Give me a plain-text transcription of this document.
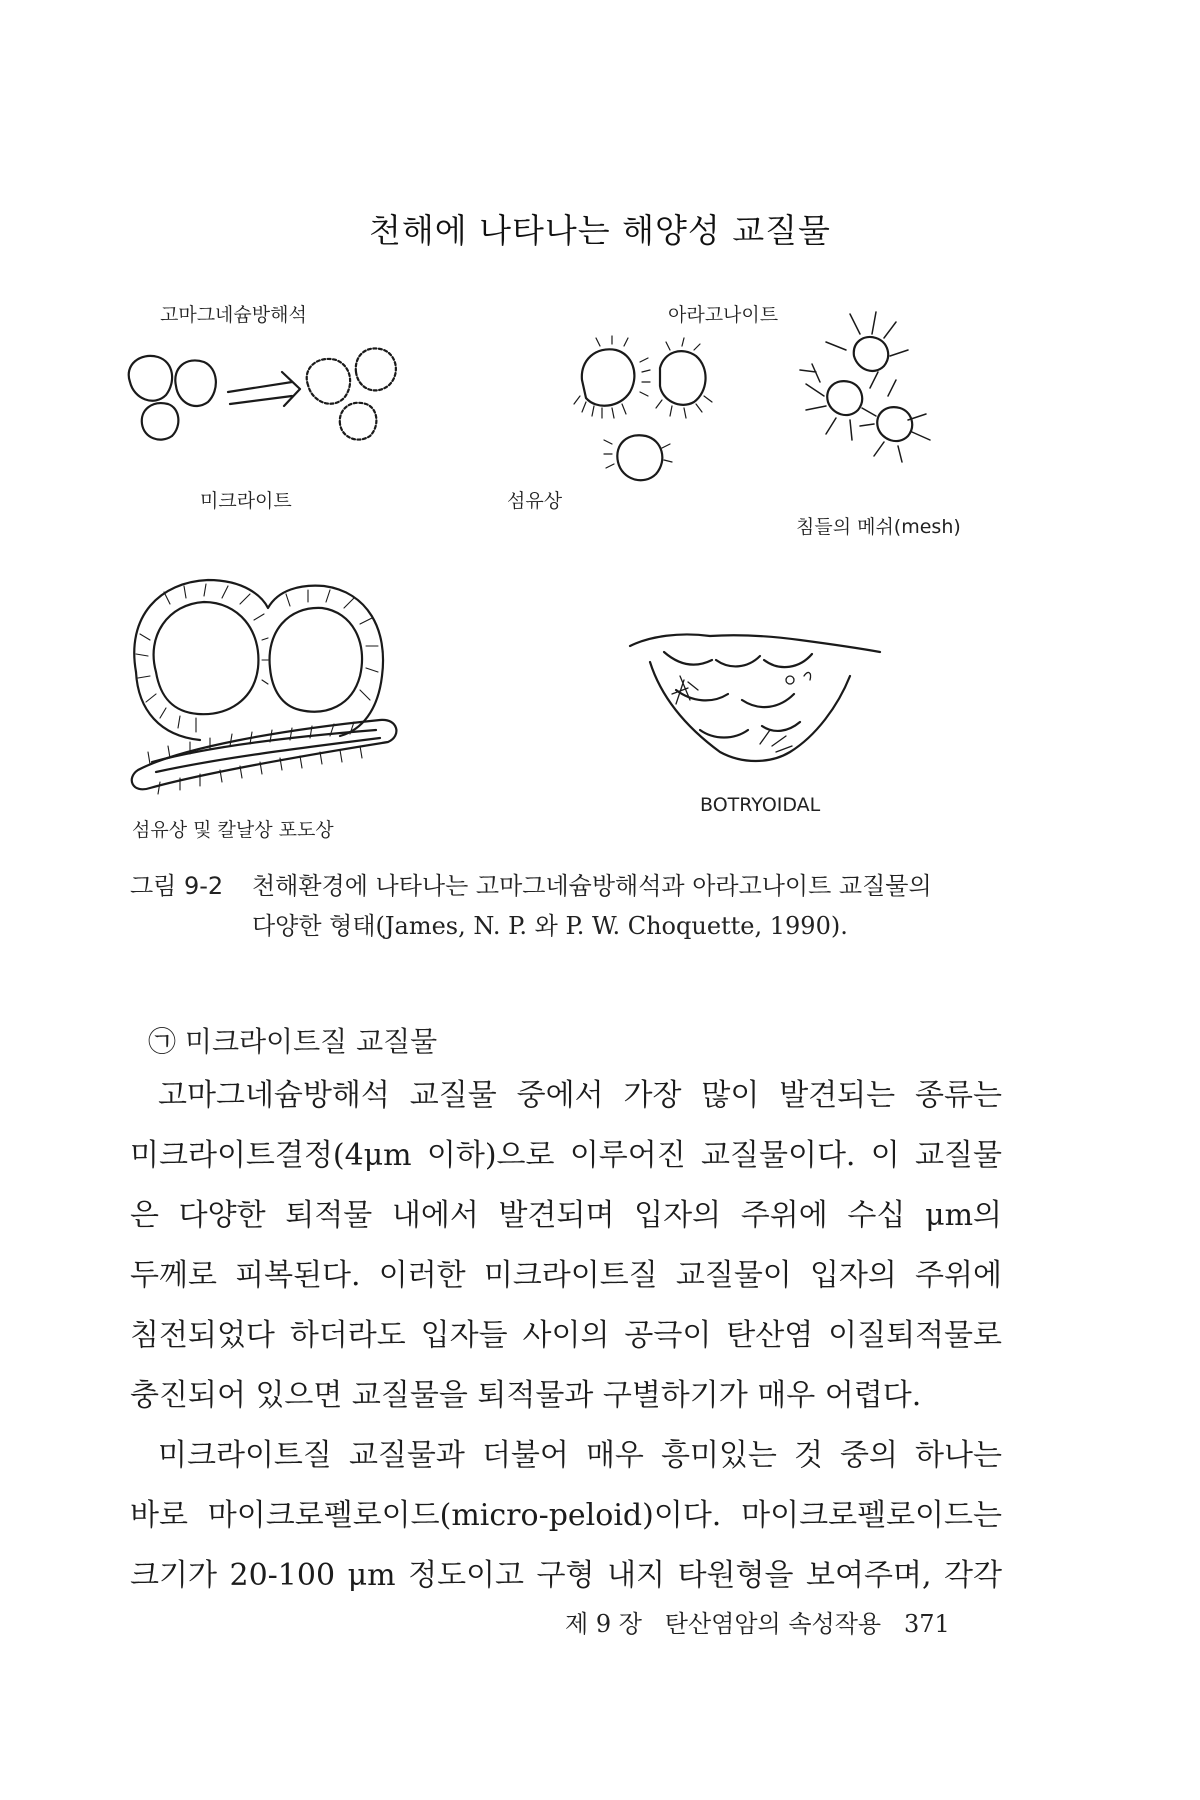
천해에 나타나는 해양성 교질물
고마그네슘방해석	아라고나이트
미크라이트	섬유상
침들의 메쉬(mesh)
섬유상 및 칼날상 포도상
BOTRYOIDAL
그림 9-2 천해환경에 나타나는 고마그네슘방해석과 아라고나이트 교질물의
다양한 형태(James, N. P. 와 P. W. Choquette, 1990).
㉠ 미크라이트질 교질물
고마그네슘방해석 교질물 중에서 가장 많이 발견되는 종류는
미크라이트결정(4μm 이하)으로 이루어진 교질물이다. 이 교질물
은 다양한 퇴적물 내에서 발견되며 입자의 주위에 수십 μm의
두께로 피복된다. 이러한 미크라이트질 교질물이 입자의 주위에
침전되었다 하더라도 입자들 사이의 공극이 탄산염 이질퇴적물로
충진되어 있으면 교질물을 퇴적물과 구별하기가 매우 어렵다.
미크라이트질 교질물과 더불어 매우 흥미있는 것 중의 하나는
바로 마이크로펠로이드(micro-peloid)이다. 마이크로펠로이드는
크기가 20-100 μm 정도이고 구형 내지 타원형을 보여주며, 각각
제 9 장 탄산염암의 속성작용 371
